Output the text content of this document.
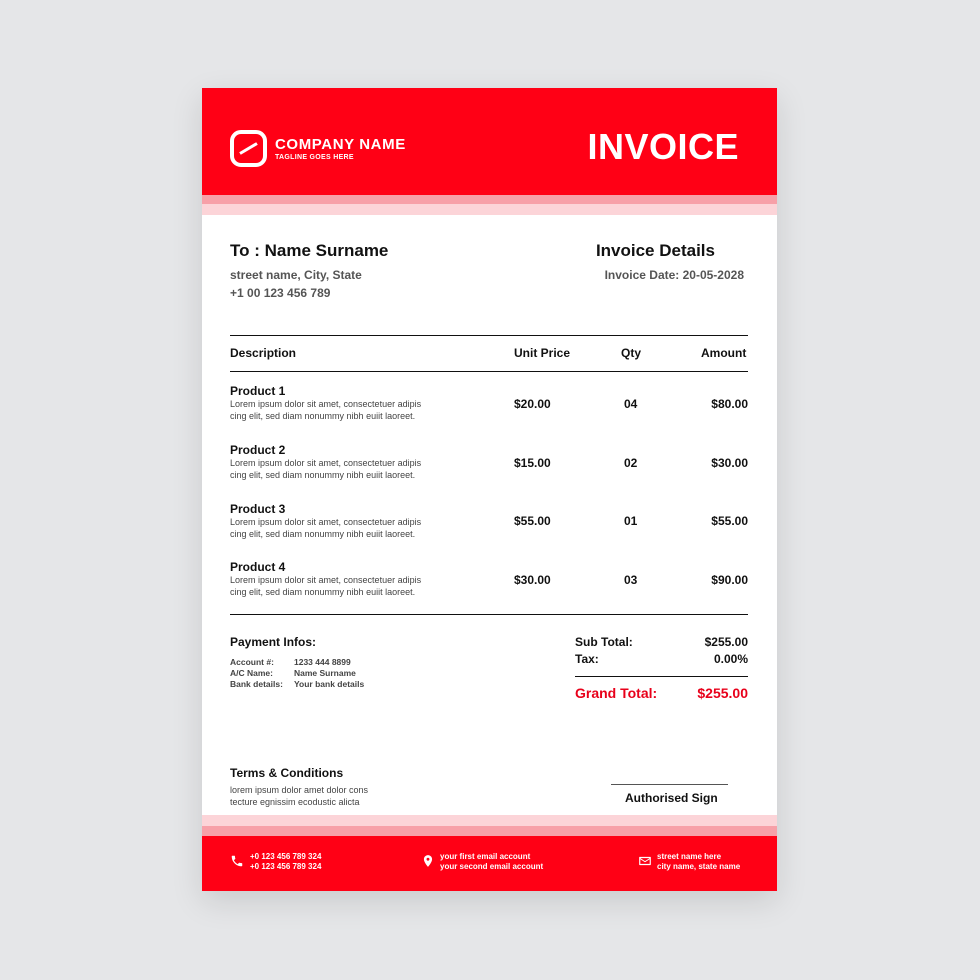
COMPANY NAME
TAGLINE GOES HERE	INVOICE
To : Name Surname
street name, City, State
+1 00 123 456 789
Invoice Details
Invoice Date: 20-05-2028
Description	Unit Price	Qty	Amount
Product 1
Lorem ipsum dolor sit amet, consectetuer adipis
cing elit, sed diam nonummy nibh euiit laoreet.
$20.00	04	$80.00
Product 2
Lorem ipsum dolor sit amet, consectetuer adipis
cing elit, sed diam nonummy nibh euiit laoreet.
$15.00	02	$30.00
Product 3
Lorem ipsum dolor sit amet, consectetuer adipis
cing elit, sed diam nonummy nibh euiit laoreet.
$55.00	01	$55.00
Product 4
Lorem ipsum dolor sit amet, consectetuer adipis
cing elit, sed diam nonummy nibh euiit laoreet.
$30.00	03	$90.00
Payment Infos:
Account #: 1233 444 8899
A/C Name: Name Surname
Bank details: Your bank details
Sub Total:	$255.00
Tax:	0.00%
Grand Total:	$255.00
Terms & Conditions
lorem ipsum dolor amet dolor cons
tecture egnissim ecodustic alicta	Authorised Sign
+0 123 456 789 324
+0 123 456 789 324
your first email account
your second email account
street name here
city name, state name
